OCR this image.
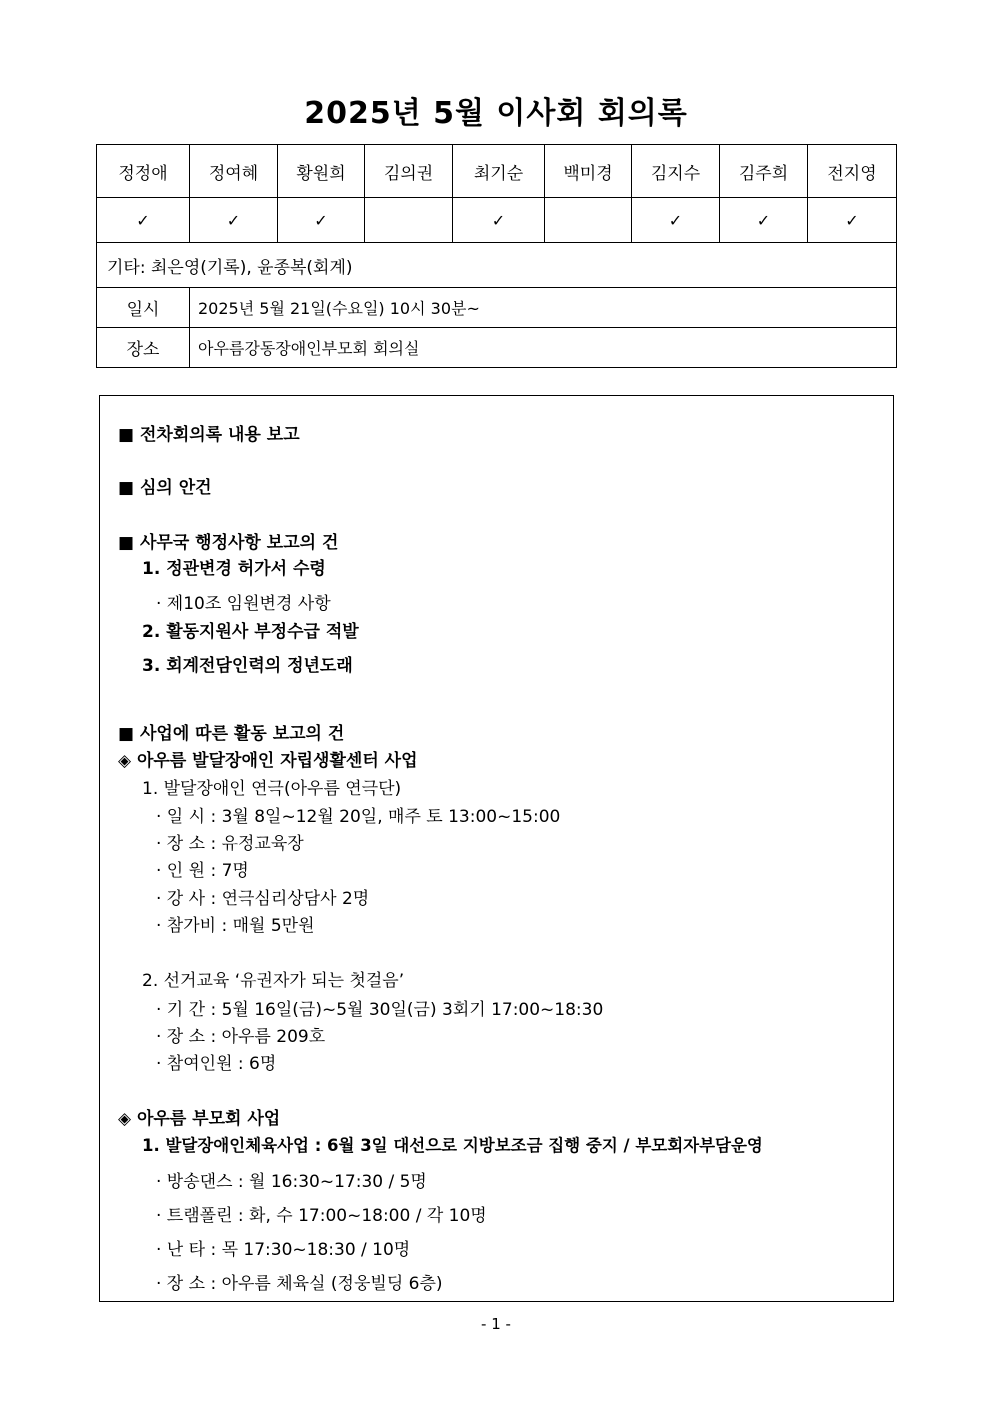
2025년 5월 이사회 회의록
정정애	정여혜	황원희	김의권	최기순	백미경	김지수	김주희	전지영
✓	✓	✓		✓		✓	✓	✓
기타: 최은영(기록), 윤종복(회계)								
일시	2025년 5월 21일(수요일) 10시 30분~							
장소	아우름강동장애인부모회 회의실							
■ 전차회의록 내용 보고
■ 심의 안건
■ 사무국 행정사항 보고의 건
1. 정관변경 허가서 수령
· 제10조 임원변경 사항
2. 활동지원사 부정수급 적발
3. 회계전담인력의 정년도래
■ 사업에 따른 활동 보고의 건
◈ 아우름 발달장애인 자립생활센터 사업
1. 발달장애인 연극(아우름 연극단)
· 일 시 : 3월 8일~12월 20일, 매주 토 13:00~15:00
· 장 소 : 유정교육장
· 인 원 : 7명
· 강 사 : 연극심리상담사 2명
· 참가비 : 매월 5만원
2. 선거교육 ‘유권자가 되는 첫걸음’
· 기 간 : 5월 16일(금)~5월 30일(금) 3회기 17:00~18:30
· 장 소 : 아우름 209호
· 참여인원 : 6명
◈ 아우름 부모회 사업
1. 발달장애인체육사업 : 6월 3일 대선으로 지방보조금 집행 중지 / 부모회자부담운영
· 방송댄스 : 월 16:30~17:30 / 5명
· 트램폴린 : 화, 수 17:00~18:00 / 각 10명
· 난 타 : 목 17:30~18:30 / 10명
· 장 소 : 아우름 체육실 (정웅빌딩 6층)
- 1 -
